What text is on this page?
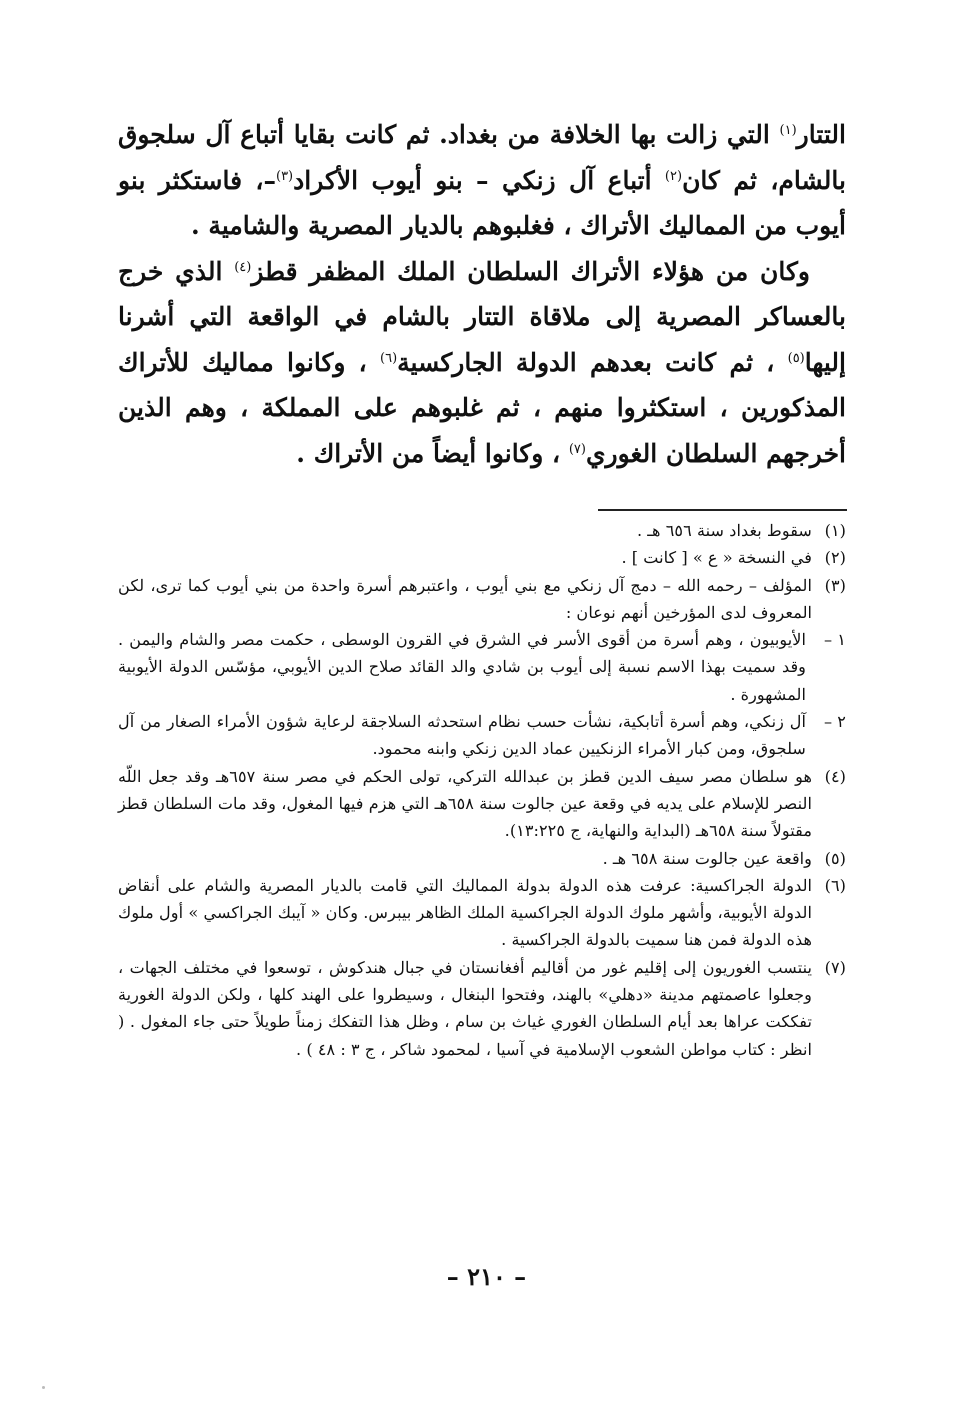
التتار$^{(١)}$ التي زالت بها الخلافة من بغداد. ثم كانت بقايا أتباع آل سلجوق بالشام، ثم كان$^{(٢)}$ أتباع آل زنكي – بنو أيوب الأكراد$^{(٣)}$–، فاستكثر بنو أيوب من المماليك الأتراك ، فغلبوهم بالديار المصرية والشامية .

وكان من هؤلاء الأتراك السلطان الملك المظفر قطز$^{(٤)}$ الذي خرج بالعساكر المصرية إلى ملاقاة التتار بالشام في الواقعة التي أشرنا إليها$^{(٥)}$ ، ثم كانت بعدهم الدولة الجاركسية$^{(٦)}$ ، وكانوا مماليك للأتراك المذكورين ، استكثروا منهم ، ثم غلبوهم على المملكة ، وهم الذين أخرجهم السلطان الغوري$^{(٧)}$ ، وكانوا أيضاً من الأتراك .

(١)
سقوط بغداد سنة ٦٥٦ هـ .

(٢)
في النسخة « ع » [ كانت ] .

(٣)
المؤلف – رحمه الله – دمج آل زنكي مع بني أيوب ، واعتبرهم أسرة واحدة من بني أيوب كما ترى، لكن المعروف لدى المؤرخين أنهم نوعان :

١ –
الأيوبيون ، وهم أسرة من أقوى الأسر في الشرق في القرون الوسطى ، حكمت مصر والشام واليمن . وقد سميت بهذا الاسم نسبة إلى أيوب بن شادي والد القائد صلاح الدين الأيوبي، مؤسّس الدولة الأيوبية المشهورة .

٢ –
آل زنكي، وهم أسرة أتابكية، نشأت حسب نظام استحدثه السلاجقة لرعاية شؤون الأمراء الصغار من آل سلجوق، ومن كبار الأمراء الزنكيين عماد الدين زنكي وابنه محمود.

(٤)
هو سلطان مصر سيف الدين قطز بن عبدالله التركي، تولى الحكم في مصر سنة ٦٥٧هـ وقد جعل اللّه النصر للإسلام على يديه في وقعة عين جالوت سنة ٦٥٨هـ التي هزم فيها المغول، وقد مات السلطان قطز مقتولاً سنة ٦٥٨هـ (البداية والنهاية، ج ١٣:٢٢٥).

(٥)
واقعة عين جالوت سنة ٦٥٨ هـ .

(٦)
الدولة الجراكسية: عرفت هذه الدولة بدولة المماليك التي قامت بالديار المصرية والشام على أنقاض الدولة الأيوبية، وأشهر ملوك الدولة الجراكسية الملك الظاهر بيبرس. وكان « آيبك الجراكسي » أول ملوك هذه الدولة فمن هنا سميت بالدولة الجراكسية .

(٧)
ينتسب الغوريون إلى إقليم غور من أقاليم أفغانستان في جبال هندكوش ، توسعوا في مختلف الجهات ، وجعلوا عاصمتهم مدينة «دهلي» بالهند، وفتحوا البنغال ، وسيطروا على الهند كلها ، ولكن الدولة الغورية تفككت عراها بعد أيام السلطان الغوري غياث بن سام ، وظل هذا التفكك زمناً طويلاً حتى جاء المغول . ( انظر : كتاب مواطن الشعوب الإسلامية في آسيا ، لمحمود شاكر ، ج ٣ : ٤٨ ) .

– ٢١٠ –
